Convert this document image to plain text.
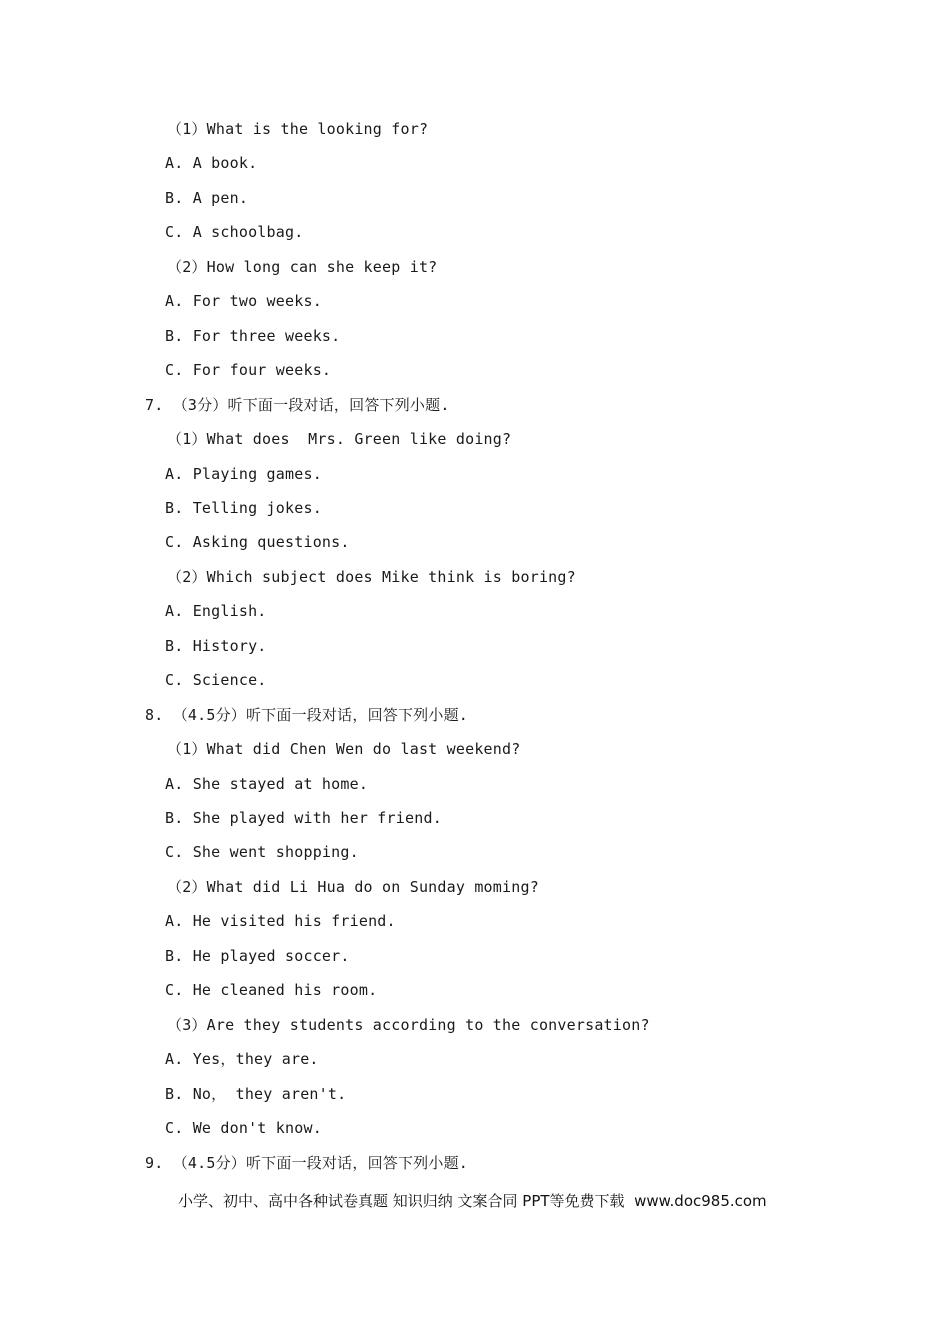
（1）What is the looking for?
A. A book.
B. A pen.
C. A schoolbag.
（2）How long can she keep it?
A. For two weeks.
B. For three weeks.
C. For four weeks.
7. （3分）听下面一段对话，回答下列小题.
（1）What does  Mrs. Green like doing?
A. Playing games.
B. Telling jokes.
C. Asking questions.
（2）Which subject does Mike think is boring?
A. English.
B. History.
C. Science.
8. （4.5分）听下面一段对话，回答下列小题.
（1）What did Chen Wen do last weekend?
A. She stayed at home.
B. She played with her friend.
C. She went shopping.
（2）What did Li Hua do on Sunday moming?
A. He visited his friend.
B. He played soccer.
C. He cleaned his room.
（3）Are they students according to the conversation?
A. Yes，they are.
B. No， they aren't.
C. We don't know.
9. （4.5分）听下面一段对话，回答下列小题.
小学、初中、高中各种试卷真题 知识归纳 文案合同 PPT等免费下载  www.doc985.com
